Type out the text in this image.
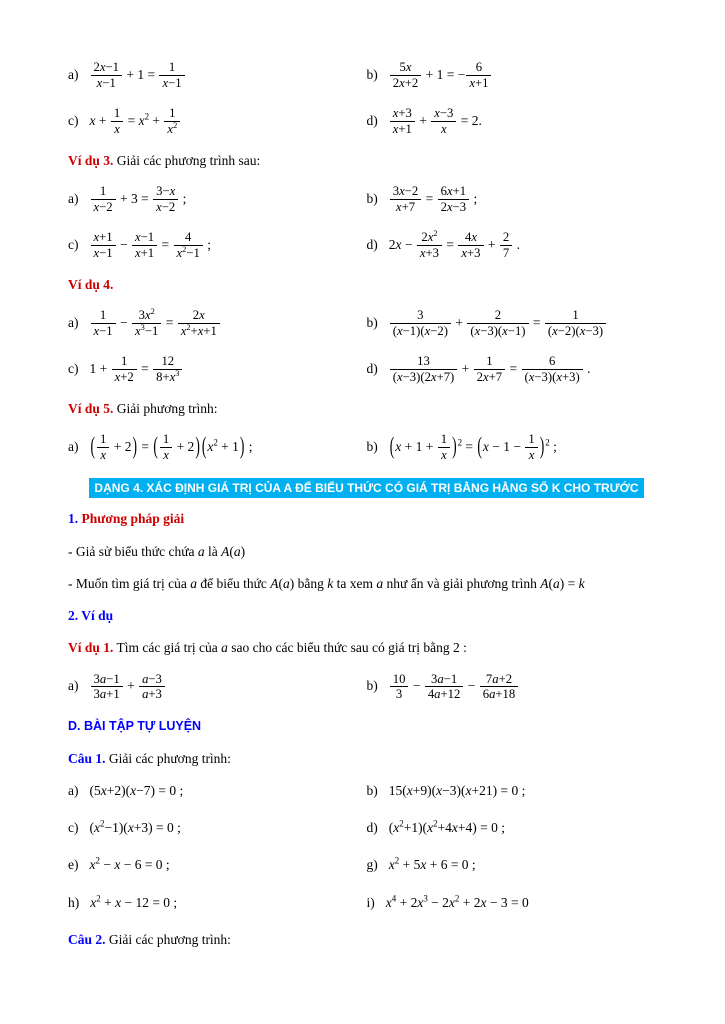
$a) \frac{2x-1}{x-1} + 1 = \frac{1}{x-1}$	$b) \frac{5x}{2x+2} + 1$ = − $\frac{6}{x+1}$
c) $x + \frac{1}{x} = x^2 + \frac{1}{x^2}$	$d) \frac{x+3}{x+1} + \frac{x-3}{x} = 2$.
Ví dụ 3. Giải các phương trình sau:
$a) \frac{1}{x-2} + 3 = \frac{3-x}{x-2}$ ;	$b) \frac{3x-2}{x+7} = \frac{6x+1}{2x-3}$ ;
$c) \frac{x+1}{x-1} - \frac{x-1}{x+1} = \frac{4}{x^2-1}$ ;	d) $2x - \frac{2x^2}{x+3} = \frac{4x}{x+3} + \frac{2}{7}$ .
Ví dụ 4.
$a) \frac{1}{x-1} - \frac{3x^2}{x^3-1} = \frac{2x}{x^2+x+1}$	$b) \frac{3}{(x-1)(x-2)} + \frac{2}{(x-3)(x-1)} = \frac{1}{(x-2)(x-3)}$
c) $1 + \frac{1}{x+2} = \frac{12}{8+x^3}$	$d) \frac{13}{(x-3)(2x+7)} + \frac{1}{2x+7} = \frac{6}{(x-3)(x+3)}$ .
Ví dụ 5. Giải phương trình:
a) ( $\frac{1}{x} + 2$) = ( $\frac{1}{x} + 2$) $(x^2 + 1)$ ;	b) $(x + 1 + \frac{1}{x} )^2 = (x - 1 - \frac{1}{x} )^2$ ;
DẠNG 4. XÁC ĐỊNH GIÁ TRỊ CỦA A ĐỂ BIỂU THỨC CÓ GIÁ TRỊ BẰNG HẰNG SỐ K CHO TRƯỚC
1. Phương pháp giải
- Giả sử biểu thức chứa a là A(a)
- Muốn tìm giá trị của a để biểu thức A(a) bằng k ta xem a như ẩn và giải phương trình A(a) = k
2. Ví dụ
Ví dụ 1. Tìm các giá trị của a sao cho các biểu thức sau có giá trị bằng 2 :
$a) \frac{3a-1}{3a+1} + \frac{a-3}{a+3}$	$b) \frac{10}{3} - \frac{3a-1}{4a+12} - \frac{7a+2}{6a+18}$
D. BÀI TẬP TỰ LUYỆN
Câu 1. Giải các phương trình:
a) (5x+2)(x−7) = 0 ;	b) 15(x+9)(x−3)(x+21) = 0 ;
c) $(x^2-1)(x+3) = 0$ ;	d) $(x^2+1)(x^2+4x+4) = 0$ ;
e) $x^2 - x - 6 = 0$ ;	g) $x^2 + 5x + 6 = 0$ ;
h) $x^2 + x - 12 = 0$ ;	i) $x^4 + 2x^3 - 2x^2 + 2x - 3 = 0$
Câu 2. Giải các phương trình:
